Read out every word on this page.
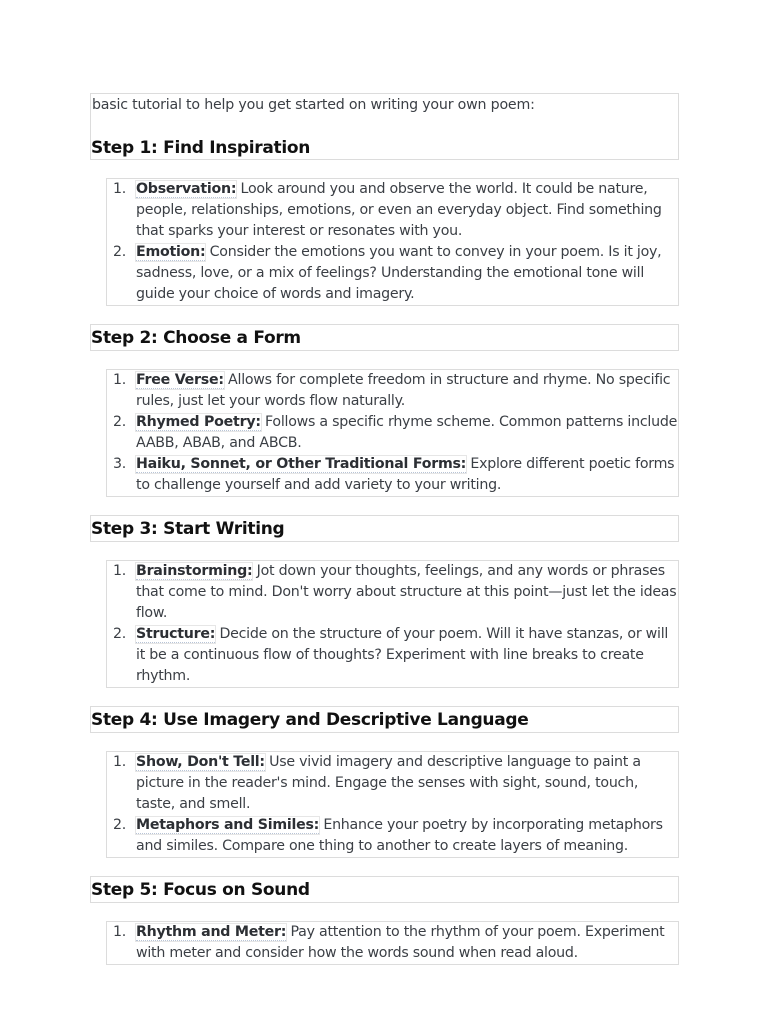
basic tutorial to help you get started on writing your own poem:
Step 1: Find Inspiration
1. Observation: Look around you and observe the world. It could be nature, people, relationships, emotions, or even an everyday object. Find something that sparks your interest or resonates with you.
2. Emotion: Consider the emotions you want to convey in your poem. Is it joy, sadness, love, or a mix of feelings? Understanding the emotional tone will guide your choice of words and imagery.
Step 2: Choose a Form
1. Free Verse: Allows for complete freedom in structure and rhyme. No specific rules, just let your words flow naturally.
2. Rhymed Poetry: Follows a specific rhyme scheme. Common patterns include AABB, ABAB, and ABCB.
3. Haiku, Sonnet, or Other Traditional Forms: Explore different poetic forms to challenge yourself and add variety to your writing.
Step 3: Start Writing
1. Brainstorming: Jot down your thoughts, feelings, and any words or phrases that come to mind. Don't worry about structure at this point—just let the ideas flow.
2. Structure: Decide on the structure of your poem. Will it have stanzas, or will it be a continuous flow of thoughts? Experiment with line breaks to create rhythm.
Step 4: Use Imagery and Descriptive Language
1. Show, Don't Tell: Use vivid imagery and descriptive language to paint a picture in the reader's mind. Engage the senses with sight, sound, touch, taste, and smell.
2. Metaphors and Similes: Enhance your poetry by incorporating metaphors and similes. Compare one thing to another to create layers of meaning.
Step 5: Focus on Sound
1. Rhythm and Meter: Pay attention to the rhythm of your poem. Experiment with meter and consider how the words sound when read aloud.
